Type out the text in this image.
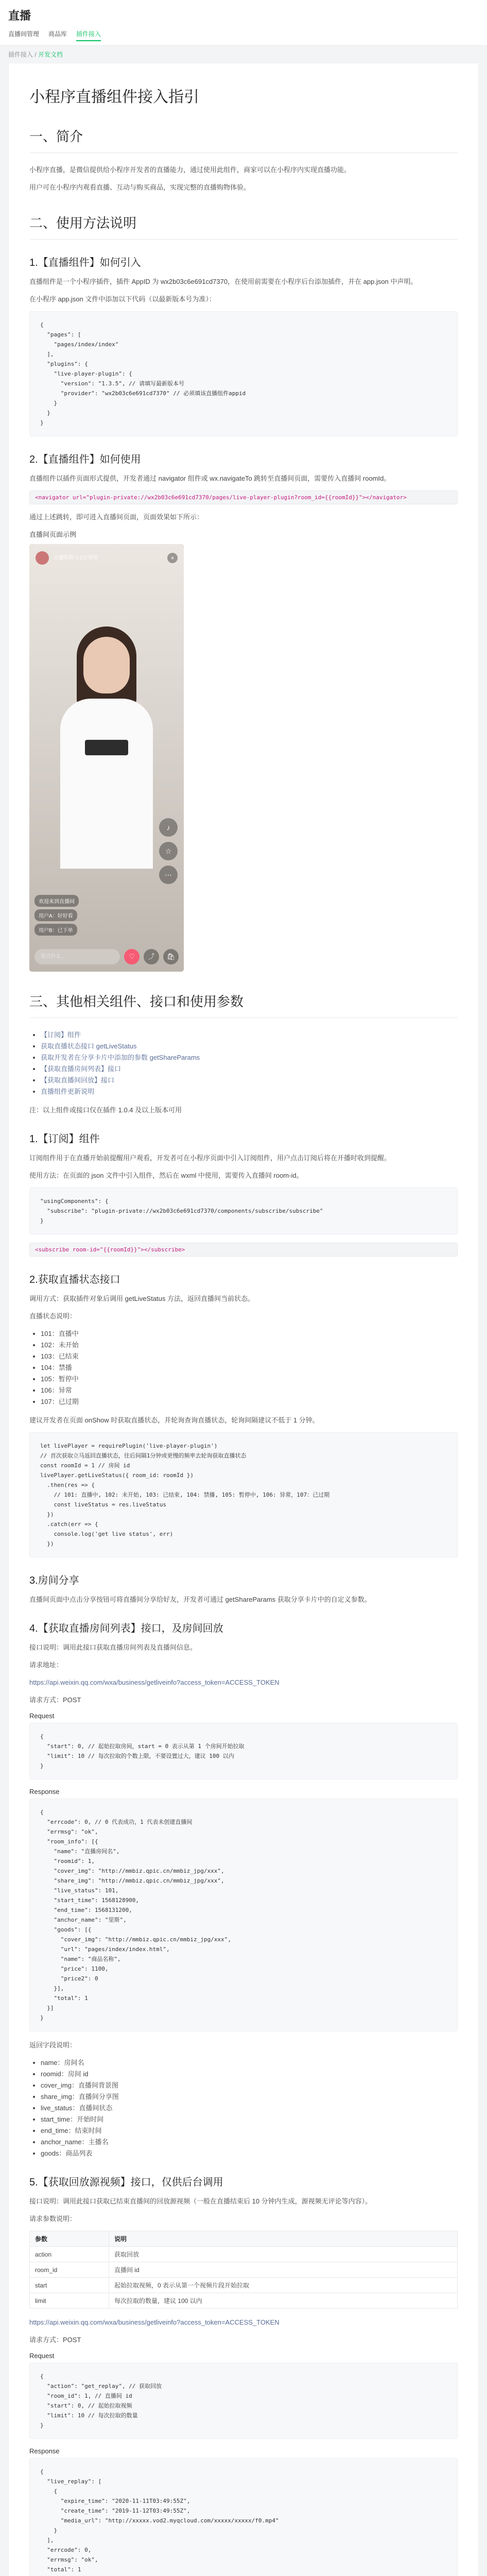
直播
直播间管理 商品库 插件接入
插件接入 / 开发文档
小程序直播组件接入指引
一、简介

小程序直播，是微信提供给小程序开发者的直播能力，通过使用此组件，商家可以在小程序内实现直播功能。

用户可在小程序内观看直播、互动与购买商品，实现完整的直播购物体验。

二、使用方法说明
1.【直播组件】如何引入

直播组件是一个小程序插件，插件 AppID 为 wx2b03c6e691cd7370，在使用前需要在小程序后台添加插件，并在 app.json 中声明。

在小程序 app.json 文件中添加以下代码（以最新版本号为准）：

{
"pages": [
"pages/index/index"
],
"plugins": {
"live-player-plugin": {
"version": "1.3.5", // 请填写最新版本号
"provider": "wx2b03c6e691cd7370" // 必须填该直播组件appid
}
}
}
2.【直播组件】如何使用

直播组件以插件页面形式提供，开发者通过 navigator 组件或 wx.navigateTo 跳转至直播间页面，需要传入直播间 roomId。

<navigator url="plugin-private://wx2b03c6e691cd7370/pages/live-player-plugin?room_id={{roomId}}"></navigator>

通过上述跳转，即可进入直播间页面，页面效果如下所示：

直播间页面示例
主播昵称 1.2万观看	×
♪
☆
⋯
欢迎来到直播间
用户A：好好看
用户B：已下单
说点什么...	♡	⤴	🛍
三、其他相关组件、接口和使用参数
• 【订阅】组件
• 获取直播状态接口 getLiveStatus
• 获取开发者在分享卡片中添加的参数 getShareParams
• 【获取直播房间列表】接口
• 【获取直播间回放】接口
• 直播组件更新说明

注：以上组件或接口仅在插件 1.0.4 及以上版本可用

1.【订阅】组件

订阅组件用于在直播开始前提醒用户观看，开发者可在小程序页面中引入订阅组件，用户点击订阅后将在开播时收到提醒。

使用方法：在页面的 json 文件中引入组件，然后在 wxml 中使用，需要传入直播间 room-id。

"usingComponents": {
"subscribe": "plugin-private://wx2b03c6e691cd7370/components/subscribe/subscribe"
}
<subscribe room-id="{{roomId}}"></subscribe>
2.获取直播状态接口

调用方式：获取插件对象后调用 getLiveStatus 方法，返回直播间当前状态。

直播状态说明：

• 101：直播中
• 102：未开始
• 103：已结束
• 104：禁播
• 105：暂停中
• 106：异常
• 107：已过期

建议开发者在页面 onShow 时获取直播状态，并轮询查询直播状态，轮询间隔建议不低于 1 分钟。

let livePlayer = requirePlugin('live-player-plugin')
// 首次获取立马返回直播状态，往后间隔1分钟或更慢的频率去轮询获取直播状态
const roomId = 1 // 房间 id
livePlayer.getLiveStatus({ room_id: roomId })
.then(res => {
// 101: 直播中, 102: 未开始, 103: 已结束, 104: 禁播, 105: 暂停中, 106: 异常，107：已过期
const liveStatus = res.liveStatus
})
.catch(err => {
console.log('get live status', err)
})
3.房间分享

直播间页面中点击分享按钮可将直播间分享给好友，开发者可通过 getShareParams 获取分享卡片中的自定义参数。

4.【获取直播房间列表】接口，及房间回放

接口说明：调用此接口获取直播房间列表及直播间信息。

请求地址：

https://api.weixin.qq.com/wxa/business/getliveinfo?access_token=ACCESS_TOKEN

请求方式：POST

Request
{
"start": 0, // 起始拉取房间，start = 0 表示从第 1 个房间开始拉取
"limit": 10 // 每次拉取的个数上限，不要设置过大，建议 100 以内
}
Response
{
"errcode": 0, // 0 代表成功，1 代表未创建直播间
"errmsg": "ok",
"room_info": [{
"name": "直播房间名",
"roomid": 1,
"cover_img": "http://mmbiz.qpic.cn/mmbiz_jpg/xxx",
"share_img": "http://mmbiz.qpic.cn/mmbiz_jpg/xxx",
"live_status": 101,
"start_time": 1568128900,
"end_time": 1568131200,
"anchor_name": "里斯",
"goods": [{
"cover_img": "http://mmbiz.qpic.cn/mmbiz_jpg/xxx",
"url": "pages/index/index.html",
"name": "商品名称",
"price": 1100,
"price2": 0
}],
"total": 1
}]
}

返回字段说明：

• name：房间名
• roomid：房间 id
• cover_img：直播间背景图
• share_img：直播间分享图
• live_status：直播间状态
• start_time：开始时间
• end_time：结束时间
• anchor_name：主播名
• goods：商品列表
5.【获取回放源视频】接口，仅供后台调用

接口说明：调用此接口获取已结束直播间的回放源视频（一般在直播结束后 10 分钟内生成，源视频无评论等内容）。

请求参数说明：

参数	说明
action	获取回放
room_id	直播间 id
start	起始拉取视频，0 表示从第一个视频片段开始拉取
limit	每次拉取的数量，建议 100 以内

https://api.weixin.qq.com/wxa/business/getliveinfo?access_token=ACCESS_TOKEN

请求方式：POST

Request
{
"action": "get_replay", // 获取回放
"room_id": 1, // 直播间 id
"start": 0, // 起始拉取视频
"limit": 10 // 每次拉取的数量
}
Response
{
"live_replay": [
{
"expire_time": "2020-11-11T03:49:55Z",
"create_time": "2019-11-12T03:49:55Z",
"media_url": "http://xxxxx.vod2.myqcloud.com/xxxxx/xxxxx/f0.mp4"
}
],
"errcode": 0,
"errmsg": "ok",
"total": 1
